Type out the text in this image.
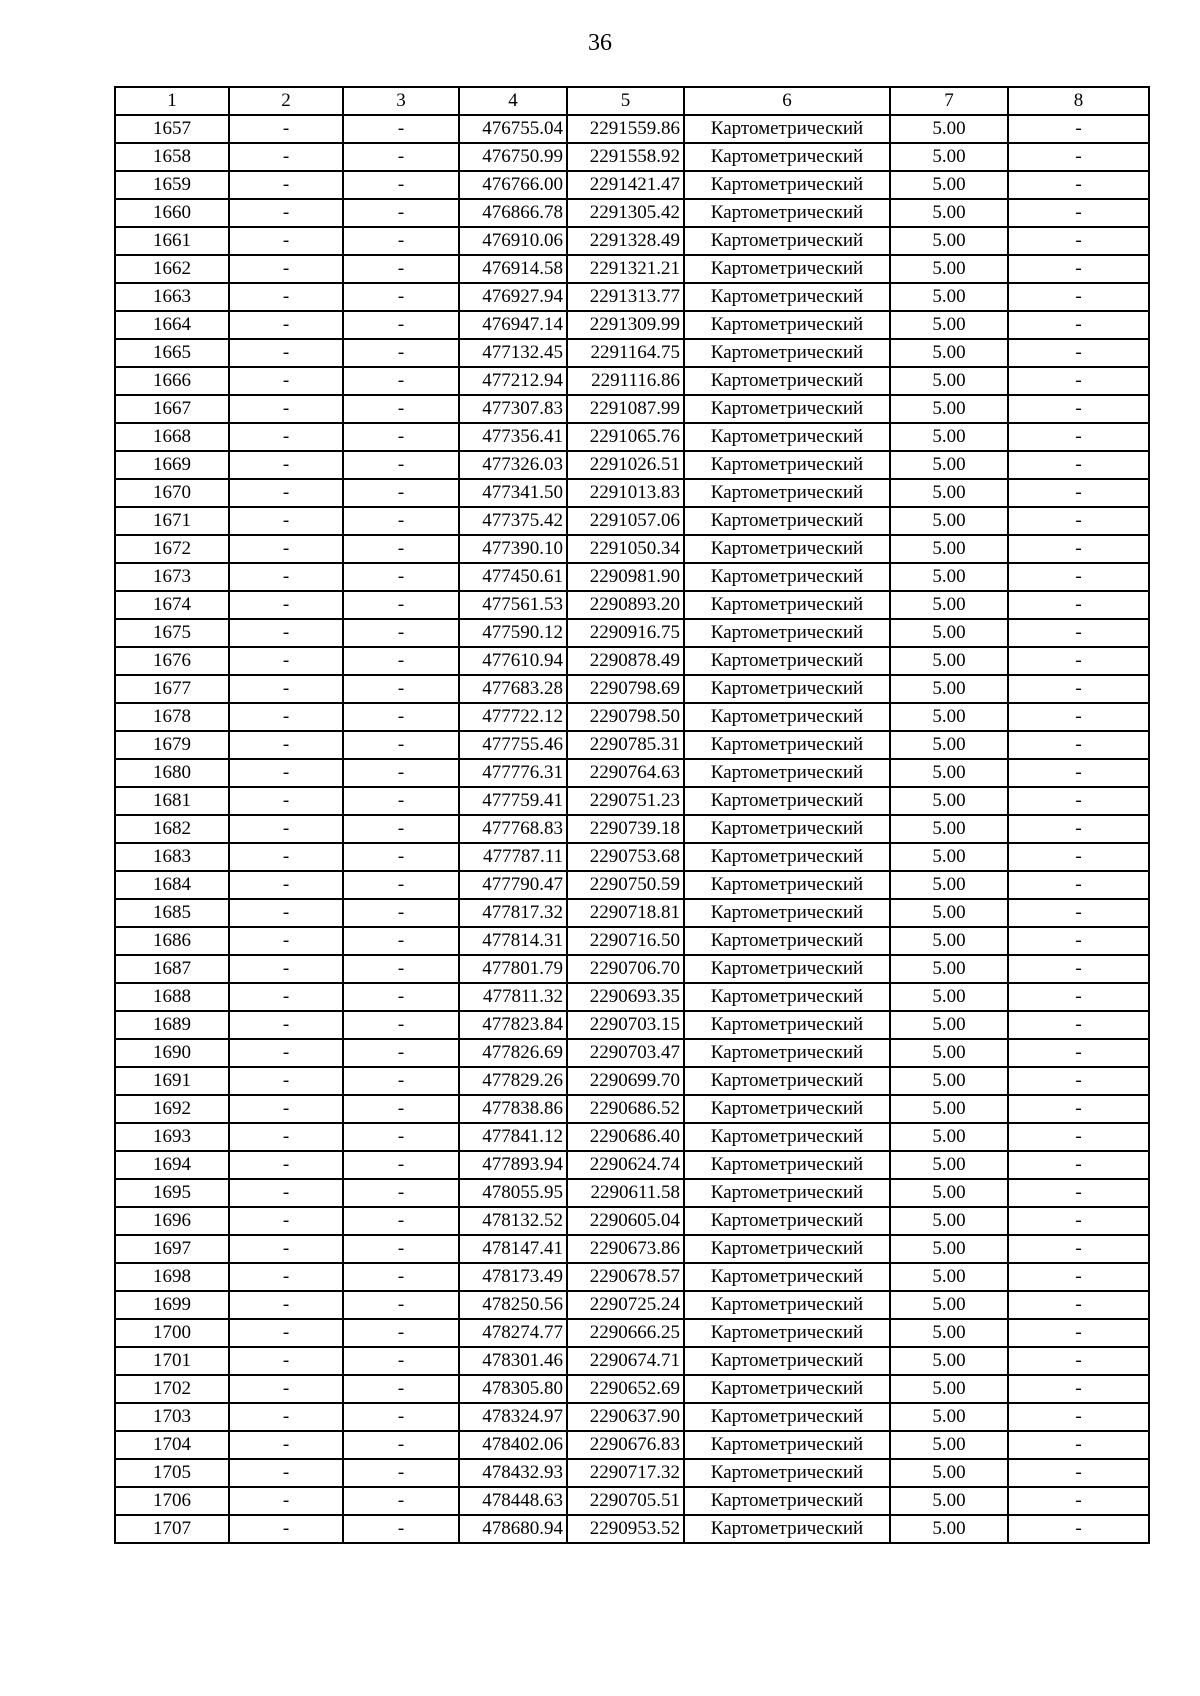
36
1	2	3	4	5	6	7	8
1657	-	-	476755.04	2291559.86	Картометрический	5.00	-
1658	-	-	476750.99	2291558.92	Картометрический	5.00	-
1659	-	-	476766.00	2291421.47	Картометрический	5.00	-
1660	-	-	476866.78	2291305.42	Картометрический	5.00	-
1661	-	-	476910.06	2291328.49	Картометрический	5.00	-
1662	-	-	476914.58	2291321.21	Картометрический	5.00	-
1663	-	-	476927.94	2291313.77	Картометрический	5.00	-
1664	-	-	476947.14	2291309.99	Картометрический	5.00	-
1665	-	-	477132.45	2291164.75	Картометрический	5.00	-
1666	-	-	477212.94	2291116.86	Картометрический	5.00	-
1667	-	-	477307.83	2291087.99	Картометрический	5.00	-
1668	-	-	477356.41	2291065.76	Картометрический	5.00	-
1669	-	-	477326.03	2291026.51	Картометрический	5.00	-
1670	-	-	477341.50	2291013.83	Картометрический	5.00	-
1671	-	-	477375.42	2291057.06	Картометрический	5.00	-
1672	-	-	477390.10	2291050.34	Картометрический	5.00	-
1673	-	-	477450.61	2290981.90	Картометрический	5.00	-
1674	-	-	477561.53	2290893.20	Картометрический	5.00	-
1675	-	-	477590.12	2290916.75	Картометрический	5.00	-
1676	-	-	477610.94	2290878.49	Картометрический	5.00	-
1677	-	-	477683.28	2290798.69	Картометрический	5.00	-
1678	-	-	477722.12	2290798.50	Картометрический	5.00	-
1679	-	-	477755.46	2290785.31	Картометрический	5.00	-
1680	-	-	477776.31	2290764.63	Картометрический	5.00	-
1681	-	-	477759.41	2290751.23	Картометрический	5.00	-
1682	-	-	477768.83	2290739.18	Картометрический	5.00	-
1683	-	-	477787.11	2290753.68	Картометрический	5.00	-
1684	-	-	477790.47	2290750.59	Картометрический	5.00	-
1685	-	-	477817.32	2290718.81	Картометрический	5.00	-
1686	-	-	477814.31	2290716.50	Картометрический	5.00	-
1687	-	-	477801.79	2290706.70	Картометрический	5.00	-
1688	-	-	477811.32	2290693.35	Картометрический	5.00	-
1689	-	-	477823.84	2290703.15	Картометрический	5.00	-
1690	-	-	477826.69	2290703.47	Картометрический	5.00	-
1691	-	-	477829.26	2290699.70	Картометрический	5.00	-
1692	-	-	477838.86	2290686.52	Картометрический	5.00	-
1693	-	-	477841.12	2290686.40	Картометрический	5.00	-
1694	-	-	477893.94	2290624.74	Картометрический	5.00	-
1695	-	-	478055.95	2290611.58	Картометрический	5.00	-
1696	-	-	478132.52	2290605.04	Картометрический	5.00	-
1697	-	-	478147.41	2290673.86	Картометрический	5.00	-
1698	-	-	478173.49	2290678.57	Картометрический	5.00	-
1699	-	-	478250.56	2290725.24	Картометрический	5.00	-
1700	-	-	478274.77	2290666.25	Картометрический	5.00	-
1701	-	-	478301.46	2290674.71	Картометрический	5.00	-
1702	-	-	478305.80	2290652.69	Картометрический	5.00	-
1703	-	-	478324.97	2290637.90	Картометрический	5.00	-
1704	-	-	478402.06	2290676.83	Картометрический	5.00	-
1705	-	-	478432.93	2290717.32	Картометрический	5.00	-
1706	-	-	478448.63	2290705.51	Картометрический	5.00	-
1707	-	-	478680.94	2290953.52	Картометрический	5.00	-
